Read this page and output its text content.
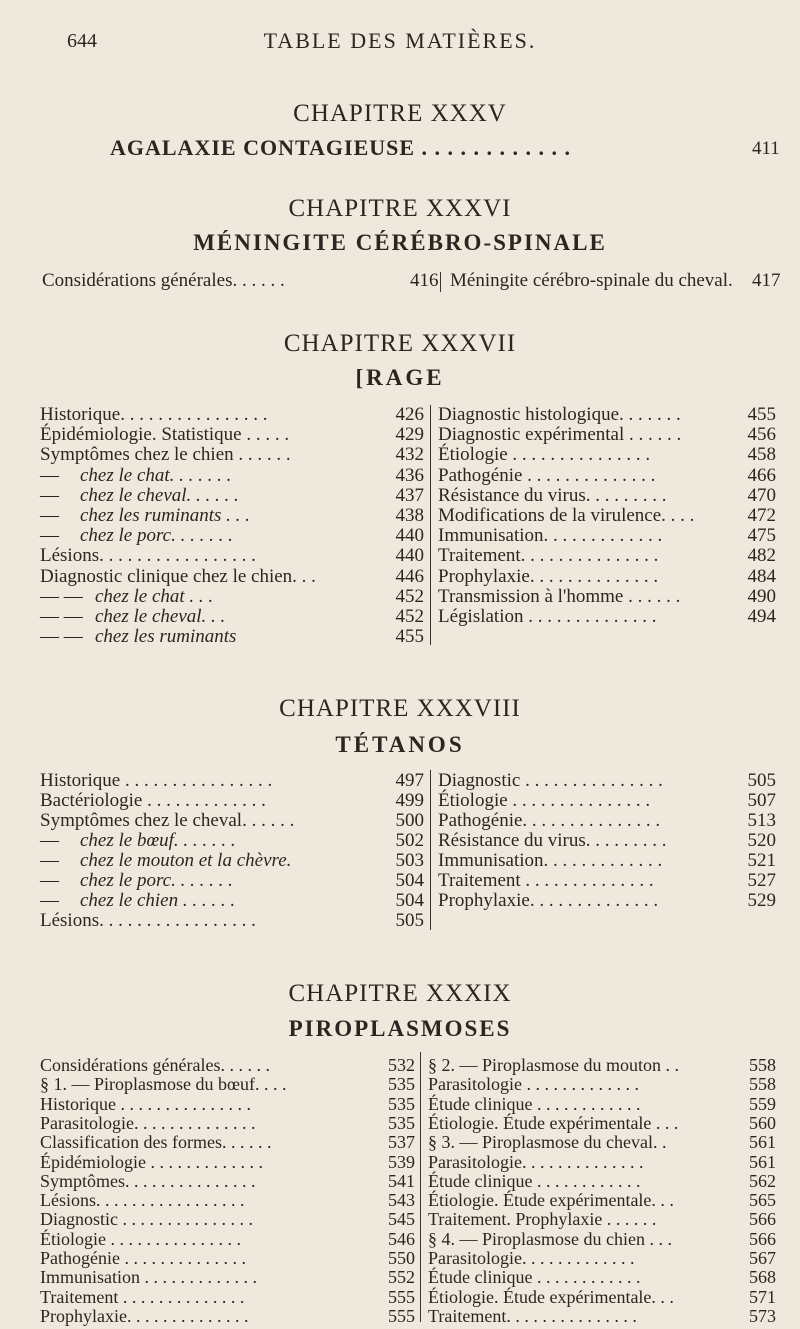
644	TABLE DES MATIÈRES.
CHAPITRE XXXV
AGALAXIE CONTAGIEUSE . . . . . . . . . . . .	411
CHAPITRE XXXVI
MÉNINGITE CÉRÉBRO-SPINALE
Considérations générales. . . . . .	416 Méningite cérébro-spinale du cheval. 417
CHAPITRE XXXVII
[RAGE
Historique. . . . . . . . . . . . . . . .	426
Épidémiologie. Statistique . . . . .	429
Symptômes chez le chien . . . . . .	432
— chez le chat. . . . . . .	436
— chez le cheval. . . . . .	437
— chez les ruminants . . .	438
— chez le porc. . . . . . .	440
Lésions. . . . . . . . . . . . . . . . .	440
Diagnostic clinique chez le chien. . .	446
— — chez le chat . . .	452
— — chez le cheval. . .	452
— — chez les ruminants	455
Diagnostic histologique. . . . . . .	455
Diagnostic expérimental . . . . . .	456
Étiologie . . . . . . . . . . . . . . .	458
Pathogénie . . . . . . . . . . . . . .	466
Résistance du virus. . . . . . . . .	470
Modifications de la virulence. . . .	472
Immunisation. . . . . . . . . . . . .	475
Traitement. . . . . . . . . . . . . . .	482
Prophylaxie. . . . . . . . . . . . . .	484
Transmission à l'homme . . . . . .	490
Législation . . . . . . . . . . . . . .	494
CHAPITRE XXXVIII
TÉTANOS
Historique . . . . . . . . . . . . . . . .	497
Bactériologie . . . . . . . . . . . . .	499
Symptômes chez le cheval. . . . . .	500
— chez le bœuf. . . . . . .	502
— chez le mouton et la chèvre.	503
— chez le porc. . . . . . .	504
— chez le chien . . . . . .	504
Lésions. . . . . . . . . . . . . . . . .	505
Diagnostic . . . . . . . . . . . . . . .	505
Étiologie . . . . . . . . . . . . . . .	507
Pathogénie. . . . . . . . . . . . . . .	513
Résistance du virus. . . . . . . . .	520
Immunisation. . . . . . . . . . . . .	521
Traitement . . . . . . . . . . . . . .	527
Prophylaxie. . . . . . . . . . . . . .	529
CHAPITRE XXXIX
PIROPLASMOSES
Considérations générales. . . . . .	532
§ 1. — Piroplasmose du bœuf. . . .	535
Historique . . . . . . . . . . . . . . .	535
Parasitologie. . . . . . . . . . . . . .	535
Classification des formes. . . . . .	537
Épidémiologie . . . . . . . . . . . . .	539
Symptômes. . . . . . . . . . . . . . .	541
Lésions. . . . . . . . . . . . . . . . .	543
Diagnostic . . . . . . . . . . . . . . .	545
Étiologie . . . . . . . . . . . . . . .	546
Pathogénie . . . . . . . . . . . . . .	550
Immunisation . . . . . . . . . . . . .	552
Traitement . . . . . . . . . . . . . .	555
Prophylaxie. . . . . . . . . . . . . .	555
§ 2. — Piroplasmose du mouton . .	558
Parasitologie . . . . . . . . . . . . .	558
Étude clinique . . . . . . . . . . . .	559
Étiologie. Étude expérimentale . . .	560
§ 3. — Piroplasmose du cheval. .	561
Parasitologie. . . . . . . . . . . . . .	561
Étude clinique . . . . . . . . . . . .	562
Étiologie. Étude expérimentale. . .	565
Traitement. Prophylaxie . . . . . .	566
§ 4. — Piroplasmose du chien . . .	566
Parasitologie. . . . . . . . . . . . .	567
Étude clinique . . . . . . . . . . . .	568
Étiologie. Étude expérimentale. . .	571
Traitement. . . . . . . . . . . . . . .	573
